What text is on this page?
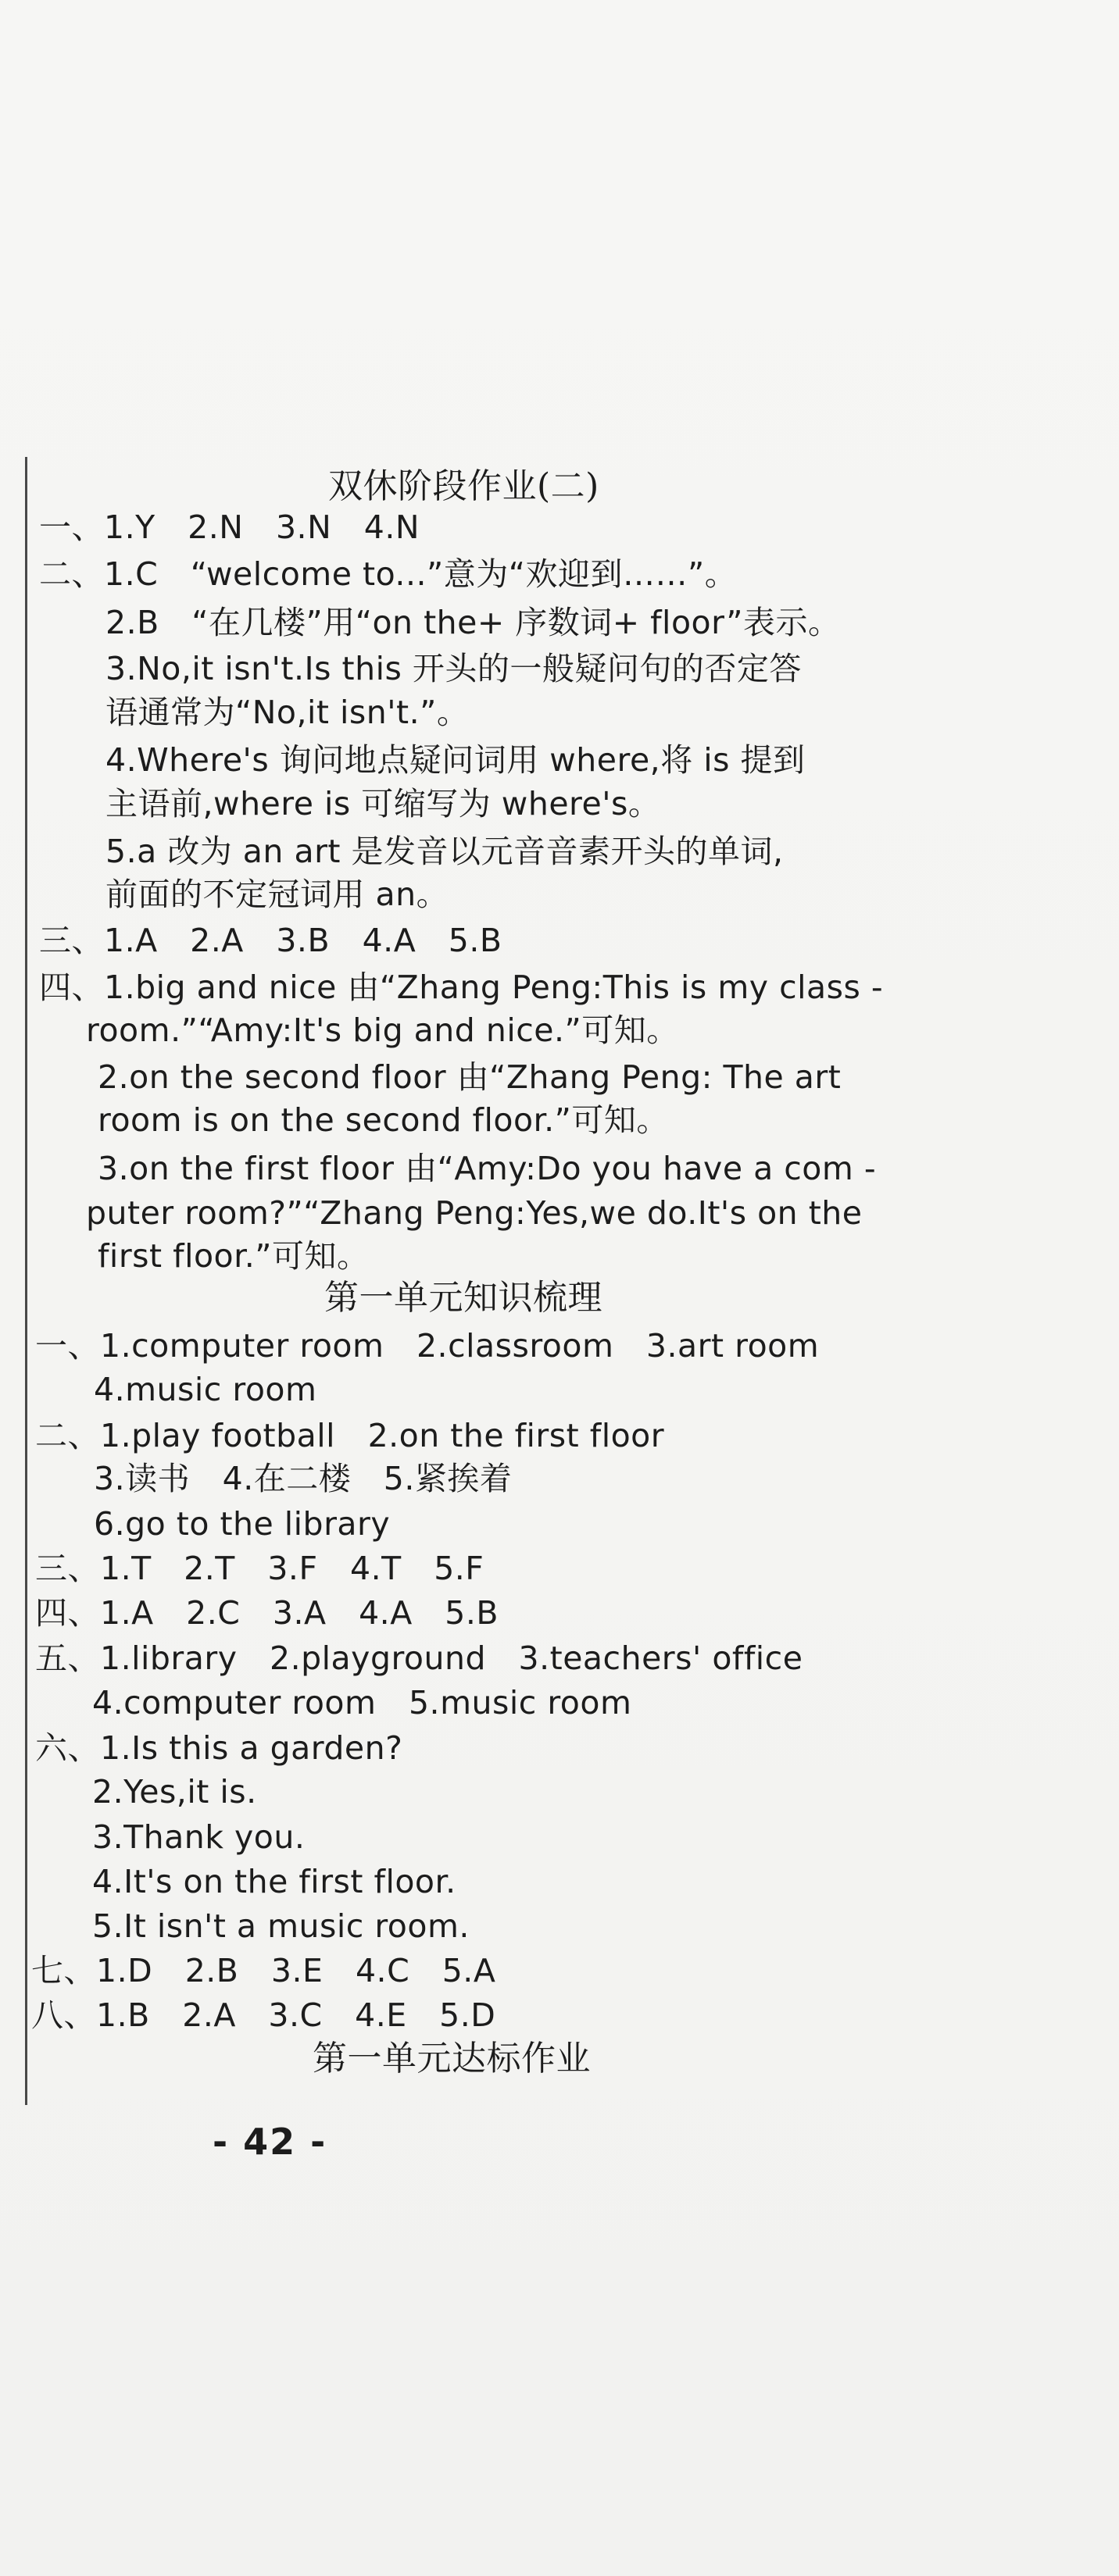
双休阶段作业(二)
一、1.Y　2.N　3.N　4.N
二、1.C　“welcome to...”意为“欢迎到……”。
2.B　“在几楼”用“on the+ 序数词+ floor”表示。
3.No,it isn't.Is this 开头的一般疑问句的否定答
语通常为“No,it isn't.”。
4.Where's 询问地点疑问词用 where,将 is 提到
主语前,where is 可缩写为 where's。
5.a 改为 an art 是发音以元音音素开头的单词,
前面的不定冠词用 an。
三、1.A　2.A　3.B　4.A　5.B
四、1.big and nice 由“Zhang Peng:This is my class -
room.”“Amy:It's big and nice.”可知。
2.on the second floor 由“Zhang Peng: The art
room is on the second floor.”可知。
3.on the first floor 由“Amy:Do you have a com -
puter room?”“Zhang Peng:Yes,we do.It's on the
first floor.”可知。
第一单元知识梳理
一、1.computer room　2.classroom　3.art room
4.music room
二、1.play football　2.on the first floor
3.读书　4.在二楼　5.紧挨着
6.go to the library
三、1.T　2.T　3.F　4.T　5.F
四、1.A　2.C　3.A　4.A　5.B
五、1.library　2.playground　3.teachers' office
4.computer room　5.music room
六、1.Is this a garden?
2.Yes,it is.
3.Thank you.
4.It's on the first floor.
5.It isn't a music room.
七、1.D　2.B　3.E　4.C　5.A
八、1.B　2.A　3.C　4.E　5.D
第一单元达标作业
- 42 -
